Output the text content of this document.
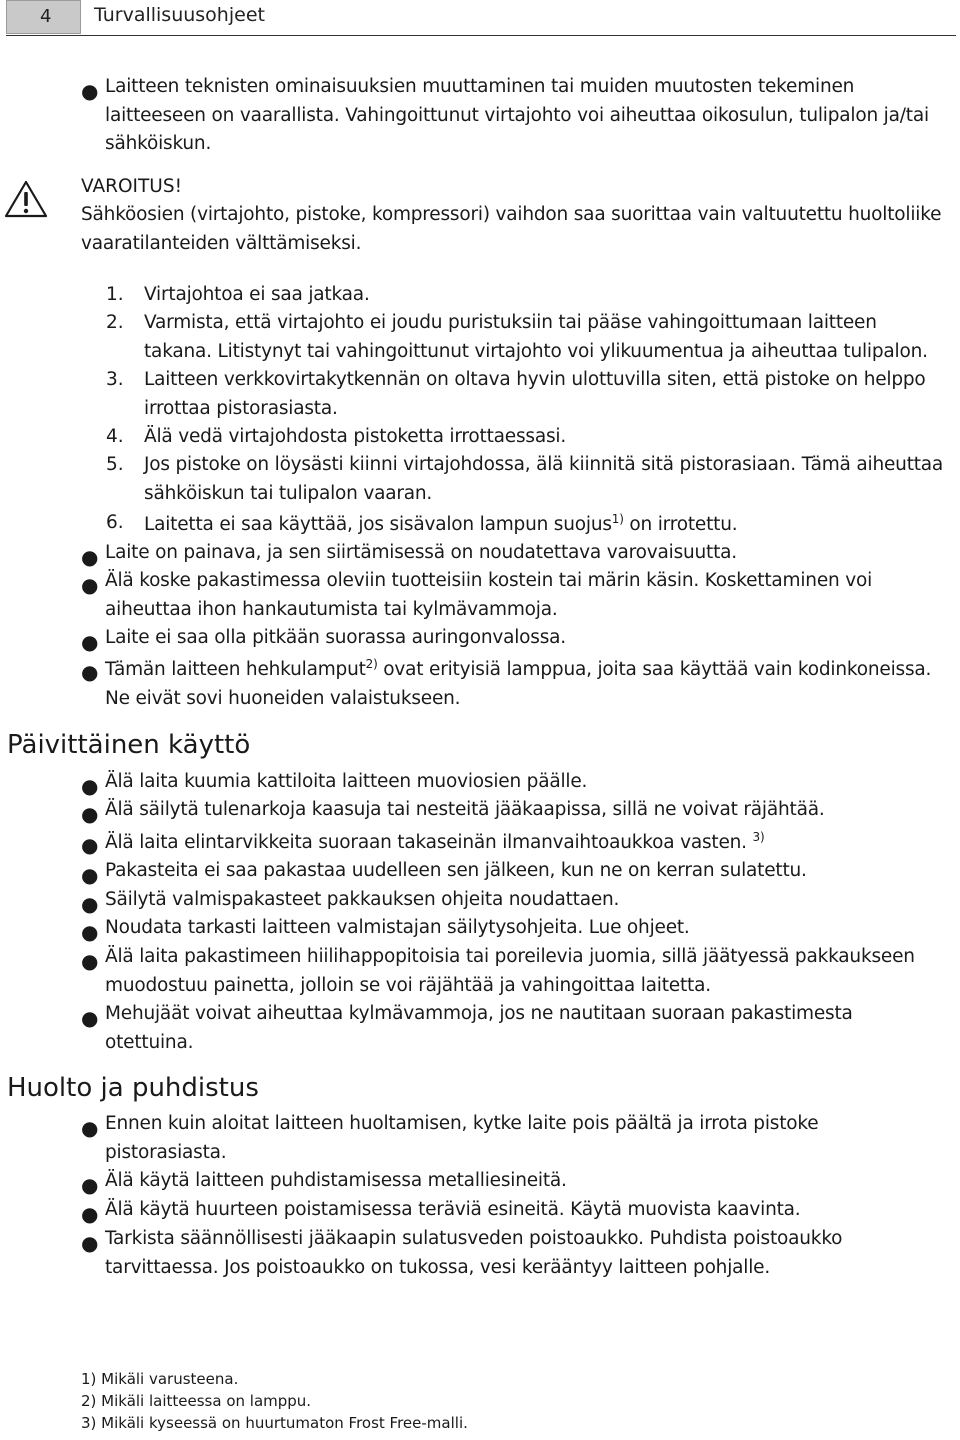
4 Turvallisuusohjeet
● Laitteen teknisten ominaisuuksien muuttaminen tai muiden muutosten tekeminen laitteeseen on vaarallista. Vahingoittunut virtajohto voi aiheuttaa oikosulun, tulipalon ja/tai sähköiskun.
VAROITUS!
Sähköosien (virtajohto, pistoke, kompressori) vaihdon saa suorittaa vain valtuutettu huoltoliike vaaratilanteiden välttämiseksi.
1. Virtajohtoa ei saa jatkaa.
2. Varmista, että virtajohto ei joudu puristuksiin tai pääse vahingoittumaan laitteen takana. Litistynyt tai vahingoittunut virtajohto voi ylikuumentua ja aiheuttaa tulipalon.
3. Laitteen verkkovirtakytkennän on oltava hyvin ulottuvilla siten, että pistoke on helppo irrottaa pistorasiasta.
4. Älä vedä virtajohdosta pistoketta irrottaessasi.
5. Jos pistoke on löysästi kiinni virtajohdossa, älä kiinnitä sitä pistorasiaan. Tämä aiheuttaa sähköiskun tai tulipalon vaaran.
6. Laitetta ei saa käyttää, jos sisävalon lampun suojus$^{1)}$ on irrotettu.
● Laite on painava, ja sen siirtämisessä on noudatettava varovaisuutta.
● Älä koske pakastimessa oleviin tuotteisiin kostein tai märin käsin. Koskettaminen voi aiheuttaa ihon hankautumista tai kylmävammoja.
● Laite ei saa olla pitkään suorassa auringonvalossa.
● Tämän laitteen hehkulamput$^{2)}$ ovat erityisiä lamppua, joita saa käyttää vain kodinkoneissa. Ne eivät sovi huoneiden valaistukseen.
Päivittäinen käyttö
● Älä laita kuumia kattiloita laitteen muoviosien päälle.
● Älä säilytä tulenarkoja kaasuja tai nesteitä jääkaapissa, sillä ne voivat räjähtää.
● Älä laita elintarvikkeita suoraan takaseinän ilmanvaihtoaukkoa vasten. $^{3)}$
● Pakasteita ei saa pakastaa uudelleen sen jälkeen, kun ne on kerran sulatettu.
● Säilytä valmispakasteet pakkauksen ohjeita noudattaen.
● Noudata tarkasti laitteen valmistajan säilytysohjeita. Lue ohjeet.
● Älä laita pakastimeen hiilihappopitoisia tai poreilevia juomia, sillä jäätyessä pakkaukseen muodostuu painetta, jolloin se voi räjähtää ja vahingoittaa laitetta.
● Mehujäät voivat aiheuttaa kylmävammoja, jos ne nautitaan suoraan pakastimesta otettuina.
Huolto ja puhdistus
● Ennen kuin aloitat laitteen huoltamisen, kytke laite pois päältä ja irrota pistoke pistorasiasta.
● Älä käytä laitteen puhdistamisessa metalliesineitä.
● Älä käytä huurteen poistamisessa teräviä esineitä. Käytä muovista kaavinta.
● Tarkista säännöllisesti jääkaapin sulatusveden poistoaukko. Puhdista poistoaukko tarvittaessa. Jos poistoaukko on tukossa, vesi kerääntyy laitteen pohjalle.
1) Mikäli varusteena.
2) Mikäli laitteessa on lamppu.
3) Mikäli kyseessä on huurtumaton Frost Free-malli.
